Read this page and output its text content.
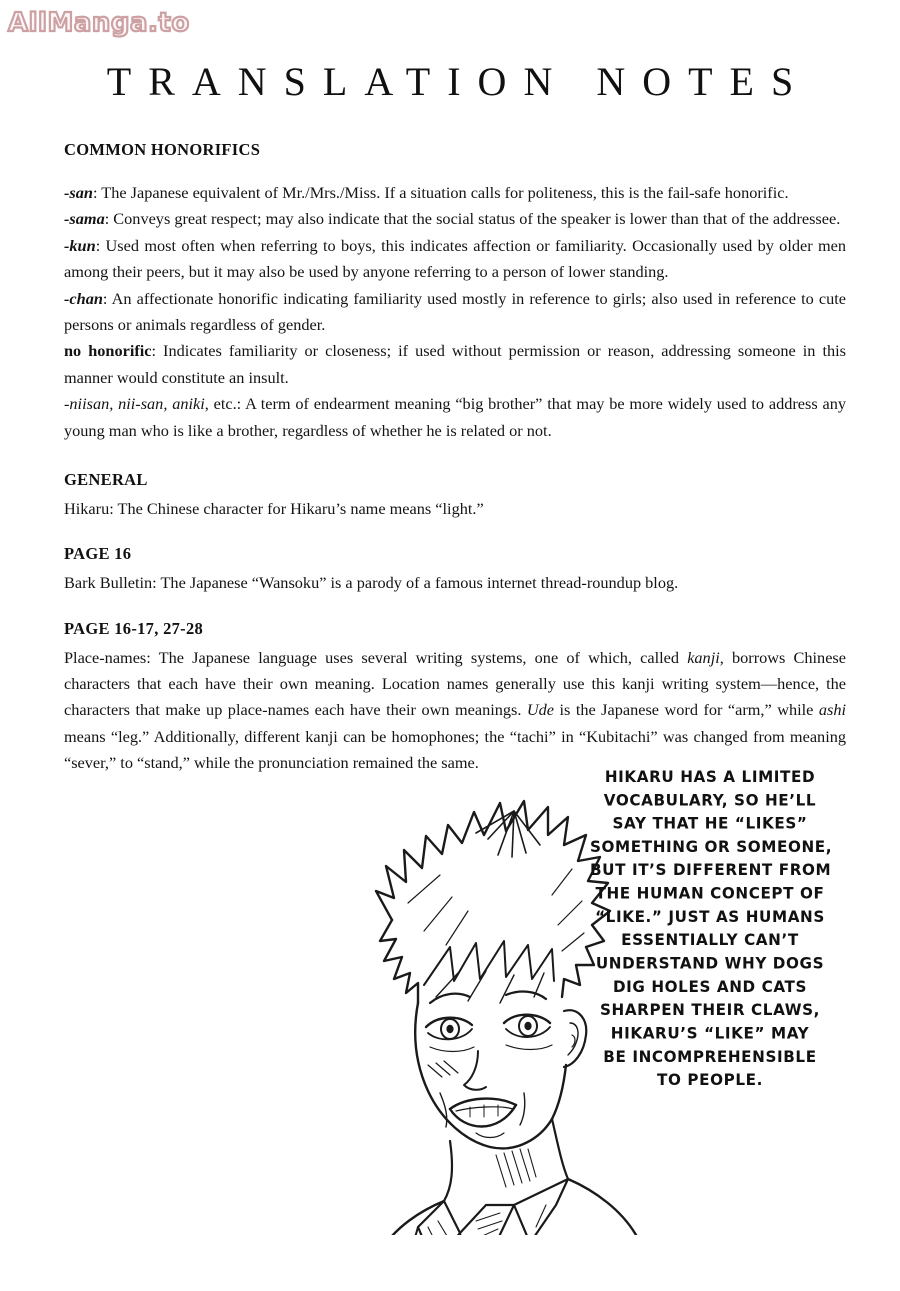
AllManga.to
TRANSLATION NOTES
COMMON HONORIFICS

-san: The Japanese equivalent of Mr./Mrs./Miss. If a situation calls for politeness, this is the fail-safe honorific.

-sama: Conveys great respect; may also indicate that the social status of the speaker is lower than that of the addressee.

-kun: Used most often when referring to boys, this indicates affection or familiarity. Occasionally used by older men among their peers, but it may also be used by anyone referring to a person of lower standing.

-chan: An affectionate honorific indicating familiarity used mostly in reference to girls; also used in reference to cute persons or animals regardless of gender.

no honorific: Indicates familiarity or closeness; if used without permission or reason, addressing someone in this manner would constitute an insult.

-niisan, nii-san, aniki, etc.: A term of endearment meaning “big brother” that may be more widely used to address any young man who is like a brother, regardless of whether he is related or not.

GENERAL

Hikaru: The Chinese character for Hikaru’s name means “light.”

PAGE 16

Bark Bulletin: The Japanese “Wansoku” is a parody of a famous internet thread-roundup blog.

PAGE 16-17, 27-28

Place-names: The Japanese language uses several writing systems, one of which, called kanji, borrows Chinese characters that each have their own meaning. Location names generally use this kanji writing system—hence, the characters that make up place-names each have their own meanings. Ude is the Japanese word for “arm,” while ashi means “leg.” Additionally, different kanji can be homophones; the “tachi” in “Kubitachi” was changed from meaning “sever,” to “stand,” while the pronunciation remained the same.

HIKARU HAS A LIMITED
VOCABULARY, SO HE’LL
SAY THAT HE “LIKES”
SOMETHING OR SOMEONE,
BUT IT’S DIFFERENT FROM
THE HUMAN CONCEPT OF
“LIKE.” JUST AS HUMANS
ESSENTIALLY CAN’T
UNDERSTAND WHY DOGS
DIG HOLES AND CATS
SHARPEN THEIR CLAWS,
HIKARU’S “LIKE” MAY
BE INCOMPREHENSIBLE
TO PEOPLE.
